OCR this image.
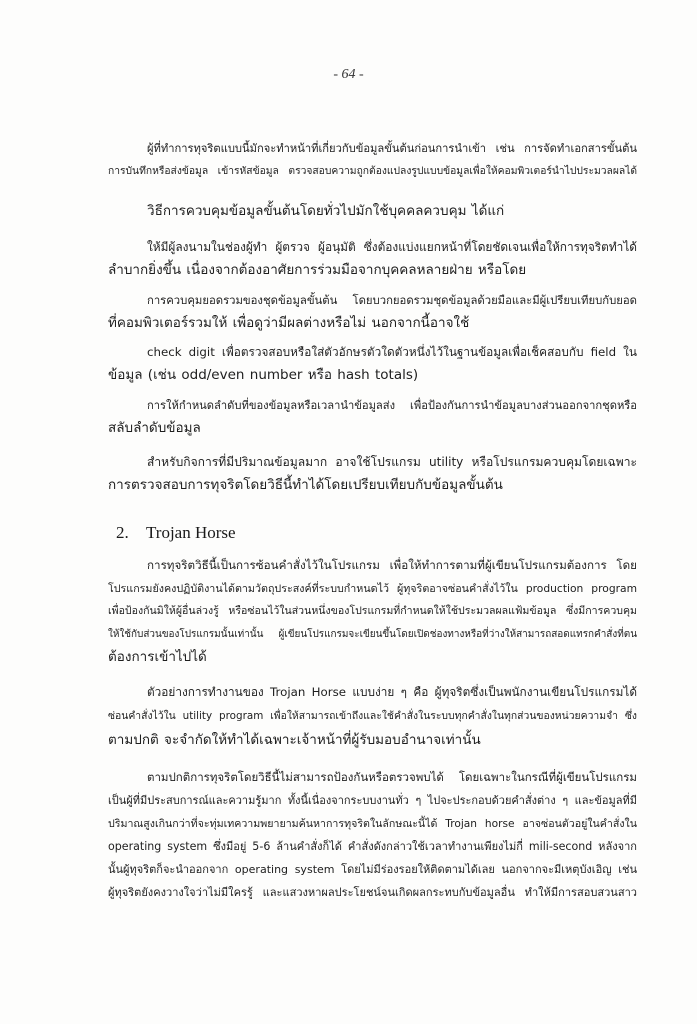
- 64 -
ผู้ที่ทำการทุจริตแบบนี้มักจะทำหน้าที่เกี่ยวกับข้อมูลขั้นต้นก่อนการนำเข้า เช่น การจัดทำเอกสารขั้นต้น
การบันทึกหรือส่งข้อมูล เข้ารหัสข้อมูล ตรวจสอบความถูกต้องแปลงรูปแบบข้อมูลเพื่อให้คอมพิวเตอร์นำไปประมวลผลได้
วิธีการควบคุมข้อมูลขั้นต้นโดยทั่วไปมักใช้บุคคลควบคุม ได้แก่
ให้มีผู้ลงนามในช่องผู้ทำ ผู้ตรวจ ผู้อนุมัติ ซึ่งต้องแบ่งแยกหน้าที่โดยชัดเจนเพื่อให้การทุจริตทำได้
ลำบากยิ่งขึ้น เนื่องจากต้องอาศัยการร่วมมือจากบุคคลหลายฝ่าย หรือโดย
การควบคุมยอดรวมของชุดข้อมูลขั้นต้น โดยบวกยอดรวมชุดข้อมูลด้วยมือและมีผู้เปรียบเทียบกับยอด
ที่คอมพิวเตอร์รวมให้ เพื่อดูว่ามีผลต่างหรือไม่ นอกจากนี้อาจใช้
check digit เพื่อตรวจสอบหรือใส่ตัวอักษรตัวใดตัวหนึ่งไว้ในฐานข้อมูลเพื่อเช็คสอบกับ field ใน
ข้อมูล (เช่น odd/even number หรือ hash totals)
การให้กำหนดลำดับที่ของข้อมูลหรือเวลานำข้อมูลส่ง เพื่อป้องกันการนำข้อมูลบางส่วนออกจากชุดหรือ
สลับลำดับข้อมูล
สำหรับกิจการที่มีปริมาณข้อมูลมาก อาจใช้โปรแกรม utility หรือโปรแกรมควบคุมโดยเฉพาะ
การตรวจสอบการทุจริตโดยวิธีนี้ทำได้โดยเปรียบเทียบกับข้อมูลขั้นต้น
2. Trojan Horse
การทุจริตวิธีนี้เป็นการซ้อนคำสั่งไว้ในโปรแกรม เพื่อให้ทำการตามที่ผู้เขียนโปรแกรมต้องการ โดย
โปรแกรมยังคงปฏิบัติงานได้ตามวัตถุประสงค์ที่ระบบกำหนดไว้ ผู้ทุจริตอาจซ่อนคำสั่งไว้ใน production program
เพื่อป้องกันมิให้ผู้อื่นล่วงรู้ หรือซ่อนไว้ในส่วนหนึ่งของโปรแกรมที่กำหนดให้ใช้ประมวลผลแฟ้มข้อมูล ซึ่งมีการควบคุม
ให้ใช้กับส่วนของโปรแกรมนั้นเท่านั้น ผู้เขียนโปรแกรมจะเขียนขึ้นโดยเปิดช่องทางหรือที่ว่างให้สามารถสอดแทรกคำสั่งที่ตน
ต้องการเข้าไปได้
ตัวอย่างการทำงานของ Trojan Horse แบบง่าย ๆ คือ ผู้ทุจริตซึ่งเป็นพนักงานเขียนโปรแกรมได้
ซ่อนคำสั่งไว้ใน utility program เพื่อให้สามารถเข้าถึงและใช้คำสั่งในระบบทุกคำสั่งในทุกส่วนของหน่วยความจำ ซึ่ง
ตามปกติ จะจำกัดให้ทำได้เฉพาะเจ้าหน้าที่ผู้รับมอบอำนาจเท่านั้น
ตามปกติการทุจริตโดยวิธีนี้ไม่สามารถป้องกันหรือตรวจพบได้ โดยเฉพาะในกรณีที่ผู้เขียนโปรแกรม
เป็นผู้ที่มีประสบการณ์และความรู้มาก ทั้งนี้เนื่องจากระบบงานทั่ว ๆ ไปจะประกอบด้วยคำสั่งต่าง ๆ และข้อมูลที่มี
ปริมาณสูงเกินกว่าที่จะทุ่มเทความพยายามค้นหาการทุจริตในลักษณะนี้ได้ Trojan horse อาจซ่อนตัวอยู่ในคำสั่งใน
operating system ซึ่งมีอยู่ 5-6 ล้านคำสั่งก็ได้ คำสั่งดังกล่าวใช้เวลาทำงานเพียงไม่กี่ mili-second หลังจาก
นั้นผู้ทุจริตก็จะนำออกจาก operating system โดยไม่มีร่องรอยให้ติดตามได้เลย นอกจากจะมีเหตุบังเอิญ เช่น
ผู้ทุจริตยังคงวางใจว่าไม่มีใครรู้ และแสวงหาผลประโยชน์จนเกิดผลกระทบกับข้อมูลอื่น ทำให้มีการสอบสวนสาว
